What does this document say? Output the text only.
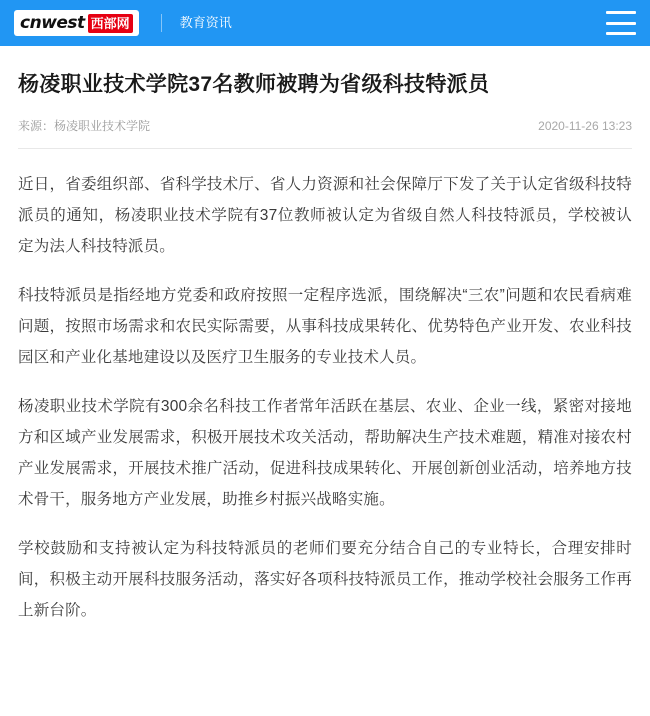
cnwest 西部网	教育资讯
杨凌职业技术学院37名教师被聘为省级科技特派员
来源：杨凌职业技术学院	2020-11-26 13:23

近日，省委组织部、省科学技术厅、省人力资源和社会保障厅下发了关于认定省级科技特派员的通知，杨凌职业技术学院有37位教师被认定为省级自然人科技特派员，学校被认定为法人科技特派员。

科技特派员是指经地方党委和政府按照一定程序选派，围绕解决“三农”问题和农民看病难问题，按照市场需求和农民实际需要，从事科技成果转化、优势特色产业开发、农业科技园区和产业化基地建设以及医疗卫生服务的专业技术人员。

杨凌职业技术学院有300余名科技工作者常年活跃在基层、农业、企业一线，紧密对接地方和区域产业发展需求，积极开展技术攻关活动，帮助解决生产技术难题，精准对接农村产业发展需求，开展技术推广活动，促进科技成果转化、开展创新创业活动，培养地方技术骨干，服务地方产业发展，助推乡村振兴战略实施。

学校鼓励和支持被认定为科技特派员的老师们要充分结合自己的专业特长，合理安排时间，积极主动开展科技服务活动，落实好各项科技特派员工作，推动学校社会服务工作再上新台阶。
